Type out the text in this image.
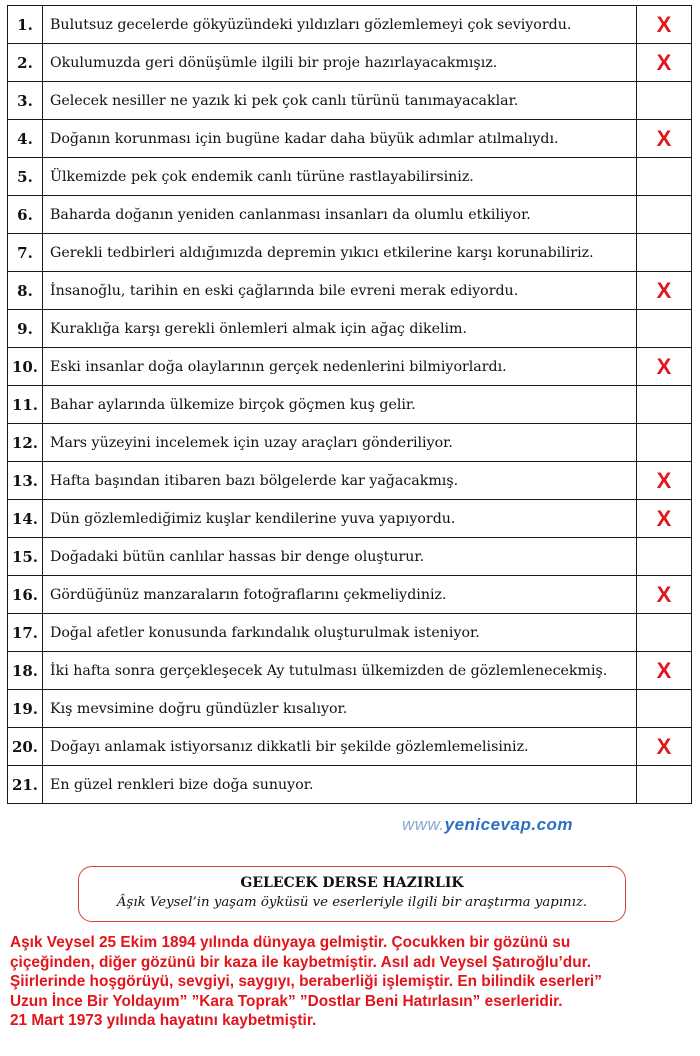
1.	Bulutsuz gecelerde gökyüzündeki yıldızları gözlemlemeyi çok seviyordu.	X
2.	Okulumuzda geri dönüşümle ilgili bir proje hazırlayacakmışız.	X
3.	Gelecek nesiller ne yazık ki pek çok canlı türünü tanımayacaklar.	
4.	Doğanın korunması için bugüne kadar daha büyük adımlar atılmalıydı.	X
5.	Ülkemizde pek çok endemik canlı türüne rastlayabilirsiniz.	
6.	Baharda doğanın yeniden canlanması insanları da olumlu etkiliyor.	
7.	Gerekli tedbirleri aldığımızda depremin yıkıcı etkilerine karşı korunabiliriz.	
8.	İnsanoğlu, tarihin en eski çağlarında bile evreni merak ediyordu.	X
9.	Kuraklığa karşı gerekli önlemleri almak için ağaç dikelim.	
10.	Eski insanlar doğa olaylarının gerçek nedenlerini bilmiyorlardı.	X
11.	Bahar aylarında ülkemize birçok göçmen kuş gelir.	
12.	Mars yüzeyini incelemek için uzay araçları gönderiliyor.	
13.	Hafta başından itibaren bazı bölgelerde kar yağacakmış.	X
14.	Dün gözlemlediğimiz kuşlar kendilerine yuva yapıyordu.	X
15.	Doğadaki bütün canlılar hassas bir denge oluşturur.	
16.	Gördüğünüz manzaraların fotoğraflarını çekmeliydiniz.	X
17.	Doğal afetler konusunda farkındalık oluşturulmak isteniyor.	
18.	İki hafta sonra gerçekleşecek Ay tutulması ülkemizden de gözlemlenecekmiş.	X
19.	Kış mevsimine doğru gündüzler kısalıyor.	
20.	Doğayı anlamak istiyorsanız dikkatli bir şekilde gözlemlemelisiniz.	X
21.	En güzel renkleri bize doğa sunuyor.	
www.yenicevap.com
GELECEK DERSE HAZIRLIK
Âşık Veysel’in yaşam öyküsü ve eserleriyle ilgili bir araştırma yapınız.
Aşık Veysel 25 Ekim 1894 yılında dünyaya gelmiştir. Çocukken bir gözünü su
çiçeğinden, diğer gözünü bir kaza ile kaybetmiştir. Asıl adı Veysel Şatıroğlu’dur.
Şiirlerinde hoşgörüyü, sevgiyi, saygıyı, beraberliği işlemiştir. En bilindik eserleri”
Uzun İnce Bir Yoldayım” ”Kara Toprak” ”Dostlar Beni Hatırlasın” eserleridir.
21 Mart 1973 yılında hayatını kaybetmiştir.
